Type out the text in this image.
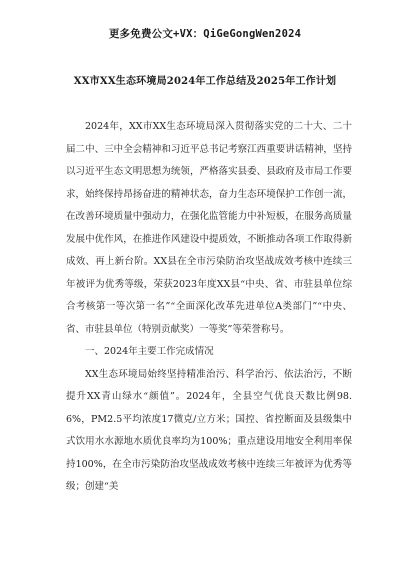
更多免费公文+VX：QiGeGongWen2024
XX市XX生态环境局2024年工作总结及2025年工作计划

2024年，XX市XX生态环境局深入贯彻落实党的二十大、二十届二中、三中全会精神和习近平总书记考察江西重要讲话精神，坚持以习近平生态文明思想为统领，严格落实县委、县政府及市局工作要求，始终保持昂扬奋进的精神状态，奋力生态环境保护工作创一流，在改善环境质量中强动力，在强化监管能力中补短板，在服务高质量发展中优作风，在推进作风建设中提质效，不断推动各项工作取得新成效、再上新台阶。XX县在全市污染防治攻坚战成效考核中连续三年被评为优秀等级，荣获2023年度XX县“中央、省、市驻县单位综合考核第一等次第一名”“全面深化改革先进单位A类部门”“中央、省、市驻县单位（特别贡献奖）一等奖”等荣誉称号。

一、2024年主要工作完成情况

XX生态环境局始终坚持精准治污、科学治污、依法治污，不断提升XX青山绿水“颜值”。2024年，全县空气优良天数比例98.6%，PM2.5平均浓度17微克/立方米；国控、省控断面及县级集中式饮用水水源地水质优良率均为100%；重点建设用地安全利用率保持100%，在全市污染防治攻坚战成效考核中连续三年被评为优秀等级；创建“美
